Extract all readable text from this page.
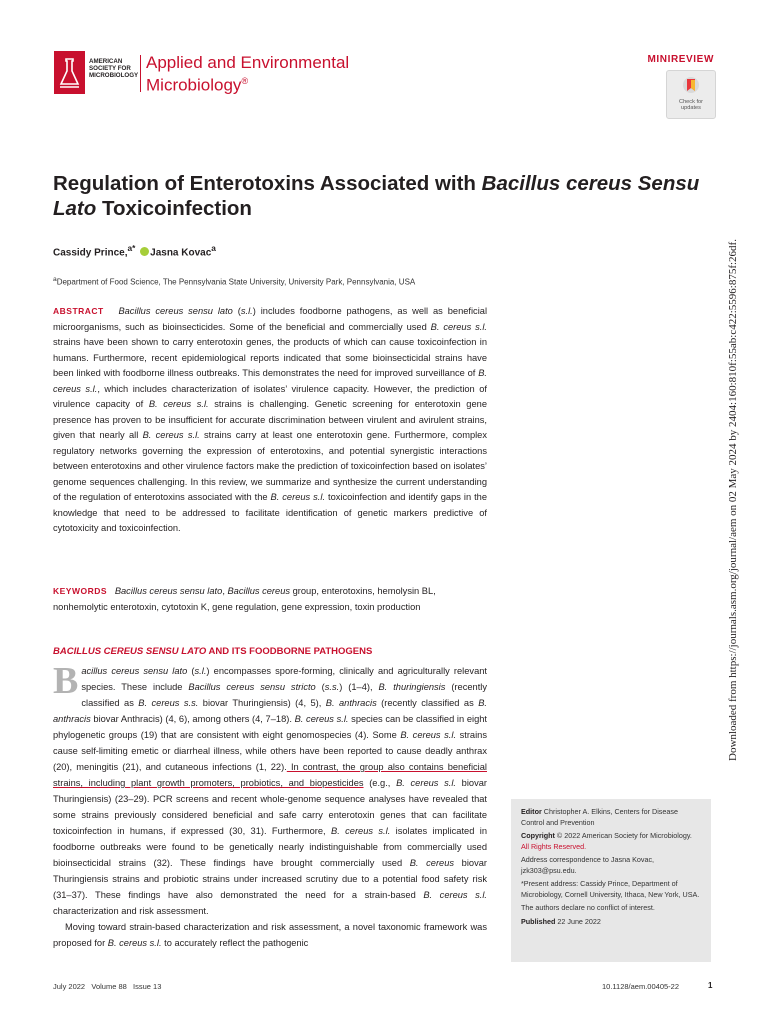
AMERICAN
SOCIETY FOR
MICROBIOLOGY
Applied and Environmental
Microbiology®
MINIREVIEW
Check for
updates
Regulation of Enterotoxins Associated with Bacillus cereus Sensu
Lato Toxicoinfection
Cassidy Prince,$^{a*}$ Jasna Kovac$^a$
$^a$Department of Food Science, The Pennsylvania State University, University Park, Pennsylvania, USA
ABSTRACT Bacillus cereus sensu lato (s.l.) includes foodborne pathogens, as well as beneficial microorganisms, such as bioinsecticides. Some of the beneficial and commercially used B. cereus s.l. strains have been shown to carry enterotoxin genes, the products of which can cause toxicoinfection in humans. Furthermore, recent epidemiological reports indicated that some bioinsecticidal strains have been linked with foodborne illness outbreaks. This demonstrates the need for improved surveillance of B. cereus s.l., which includes characterization of isolates’ virulence capacity. However, the prediction of virulence capacity of B. cereus s.l. strains is challenging. Genetic screening for enterotoxin gene presence has proven to be insufficient for accurate discrimination between virulent and avirulent strains, given that nearly all B. cereus s.l. strains carry at least one enterotoxin gene. Furthermore, complex regulatory networks governing the expression of enterotoxins, and potential synergistic interactions between enterotoxins and other virulence factors make the prediction of toxicoinfection based on isolates’ genome sequences challenging. In this review, we summarize and synthesize the current understanding of the regulation of enterotoxins associated with the B. cereus s.l. toxicoinfection and identify gaps in the knowledge that need to be addressed to facilitate identification of genetic markers predictive of cytotoxicity and toxicoinfection.
KEYWORDS Bacillus cereus sensu lato, Bacillus cereus group, enterotoxins, hemolysin BL, nonhemolytic enterotoxin, cytotoxin K, gene regulation, gene expression, toxin production
BACILLUS CEREUS SENSU LATO AND ITS FOODBORNE PATHOGENS

Bacillus cereus sensu lato (s.l.) encompasses spore-forming, clinically and agriculturally relevant species. These include Bacillus cereus sensu stricto (s.s.) (1–4), B. thuringiensis (recently classified as B. cereus s.s. biovar Thuringiensis) (4, 5), B. anthracis (recently classified as B. anthracis biovar Anthracis) (4, 6), among others (4, 7–18). B. cereus s.l. species can be classified in eight phylogenetic groups (19) that are consistent with eight genomospecies (4). Some B. cereus s.l. strains cause self-limiting emetic or diarrheal illness, while others have been reported to cause deadly anthrax (20), meningitis (21), and cutaneous infections (1, 22). In contrast, the group also contains beneficial strains, including plant growth promoters, probiotics, and biopesticides (e.g., B. cereus s.l. biovar Thuringiensis) (23–29). PCR screens and recent whole-genome sequence analyses have revealed that some strains previously considered beneficial and safe carry enterotoxin genes that can facilitate toxicoinfection in humans, if expressed (30, 31). Furthermore, B. cereus s.l. isolates implicated in foodborne outbreaks were found to be genetically nearly indistinguishable from commercially used bioinsecticidal strains (32). These findings have brought commercially used B. cereus biovar Thuringiensis strains and probiotic strains under increased scrutiny due to a potential food safety risk (31–37). These findings have also demonstrated the need for a strain-based B. cereus s.l. characterization and risk assessment.

Moving toward strain-based characterization and risk assessment, a novel taxonomic framework was proposed for B. cereus s.l. to accurately reflect the pathogenic

Editor Christopher A. Elkins, Centers for Disease Control and Prevention

Copyright © 2022 American Society for Microbiology. All Rights Reserved.

Address correspondence to Jasna Kovac, jzk303@psu.edu.

*Present address: Cassidy Prince, Department of Microbiology, Cornell University, Ithaca, New York, USA.

The authors declare no conflict of interest.

Published 22 June 2022

July 2022   Volume 88   Issue 13	10.1128/aem.00405-22	1
Downloaded from https://journals.asm.org/journal/aem on 02 May 2024 by 2404:160:810f:55ab:c422:5596:875f:26df.
